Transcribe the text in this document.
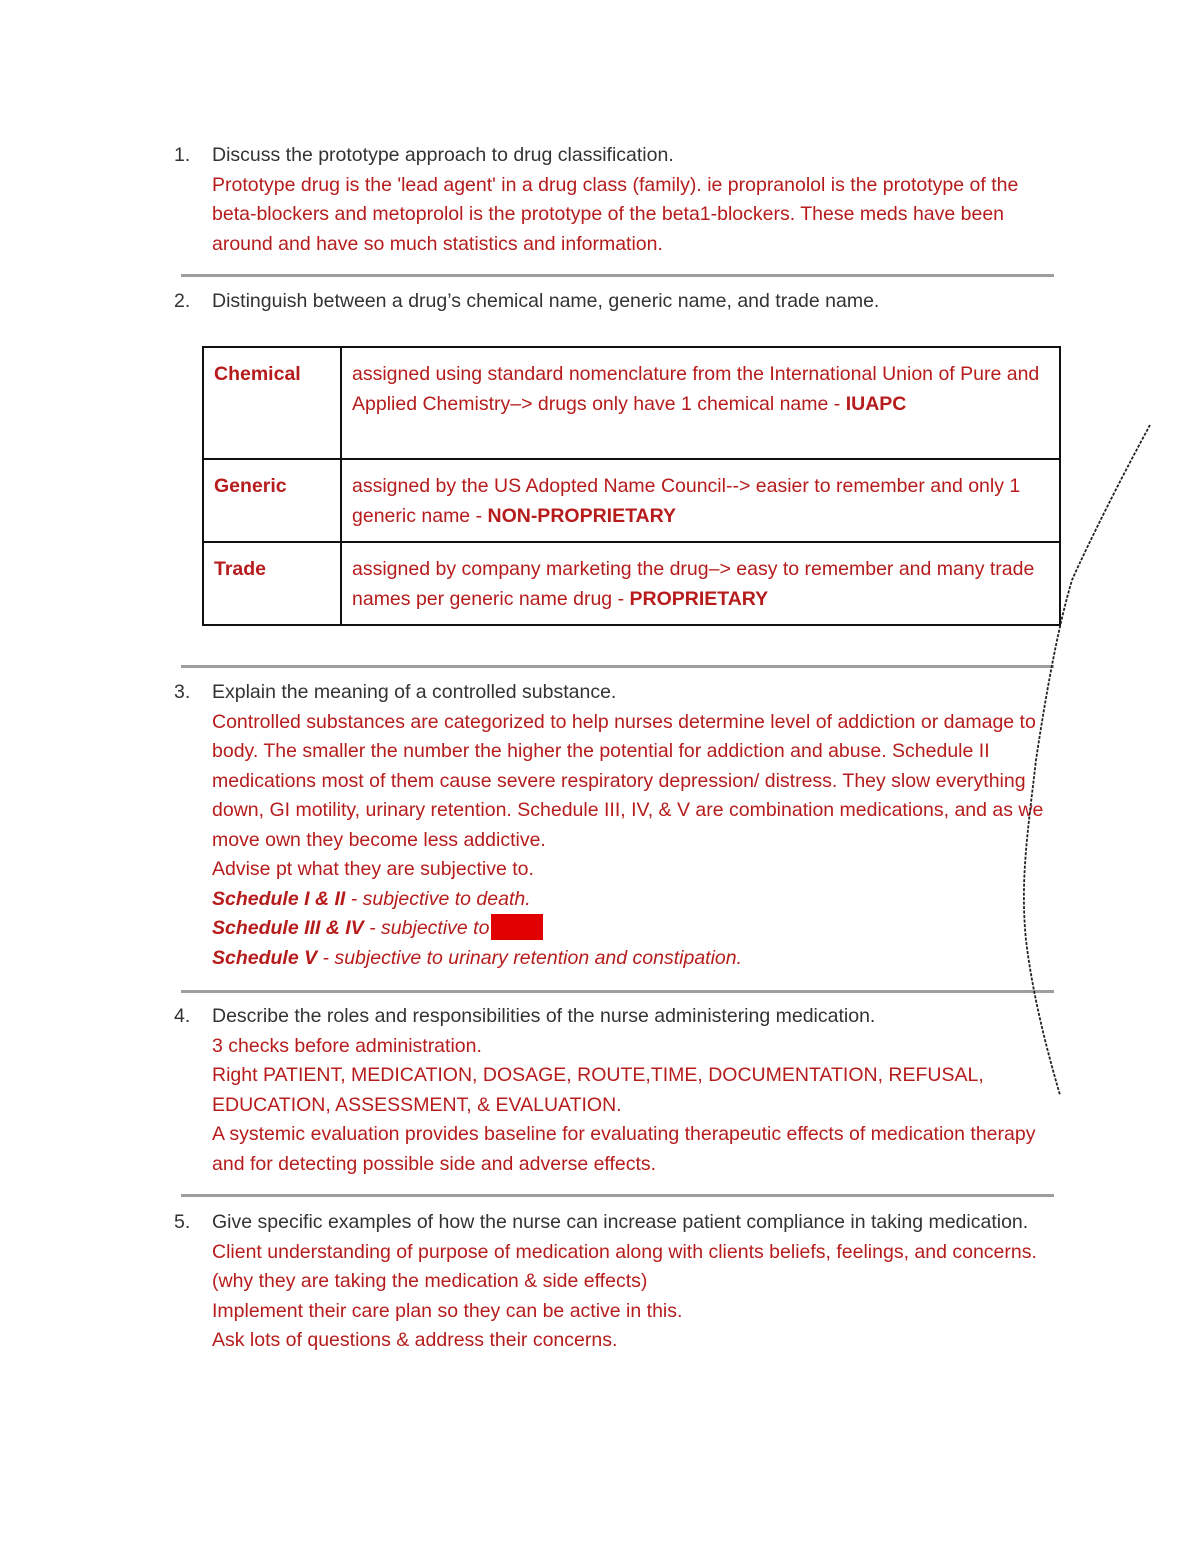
1.	Discuss the prototype approach to drug classification.
Prototype drug is the 'lead agent' in a drug class (family). ie propranolol is the prototype of the beta-blockers and metoprolol is the prototype of the beta1-blockers. These meds have been around and have so much statistics and information.
2.	Distinguish between a drug’s chemical name, generic name, and trade name.
Chemical	assigned using standard nomenclature from the International Union of Pure and Applied Chemistry–> drugs only have 1 chemical name - IUAPC
Generic	assigned by the US Adopted Name Council--> easier to remember and only 1 generic name - NON-PROPRIETARY
Trade	assigned by company marketing the drug–> easy to remember and many trade names per generic name drug - PROPRIETARY
3.	Explain the meaning of a controlled substance.
Controlled substances are categorized to help nurses determine level of addiction or damage to body. The smaller the number the higher the potential for addiction and abuse. Schedule II medications most of them cause severe respiratory depression/ distress. They slow everything down, GI motility, urinary retention. Schedule III, IV, & V are combination medications, and as we move own they become less addictive.
Advise pt what they are subjective to.
Schedule I & II - subjective to death.
Schedule III & IV - subjective to
Schedule V - subjective to urinary retention and constipation.
4.	Describe the roles and responsibilities of the nurse administering medication.
3 checks before administration.
Right PATIENT, MEDICATION, DOSAGE, ROUTE,TIME, DOCUMENTATION, REFUSAL, EDUCATION, ASSESSMENT, & EVALUATION.
A systemic evaluation provides baseline for evaluating therapeutic effects of medication therapy and for detecting possible side and adverse effects.
5.	Give specific examples of how the nurse can increase patient compliance in taking medication.
Client understanding of purpose of medication along with clients beliefs, feelings, and concerns. (why they are taking the medication & side effects)
Implement their care plan so they can be active in this.
Ask lots of questions & address their concerns.
